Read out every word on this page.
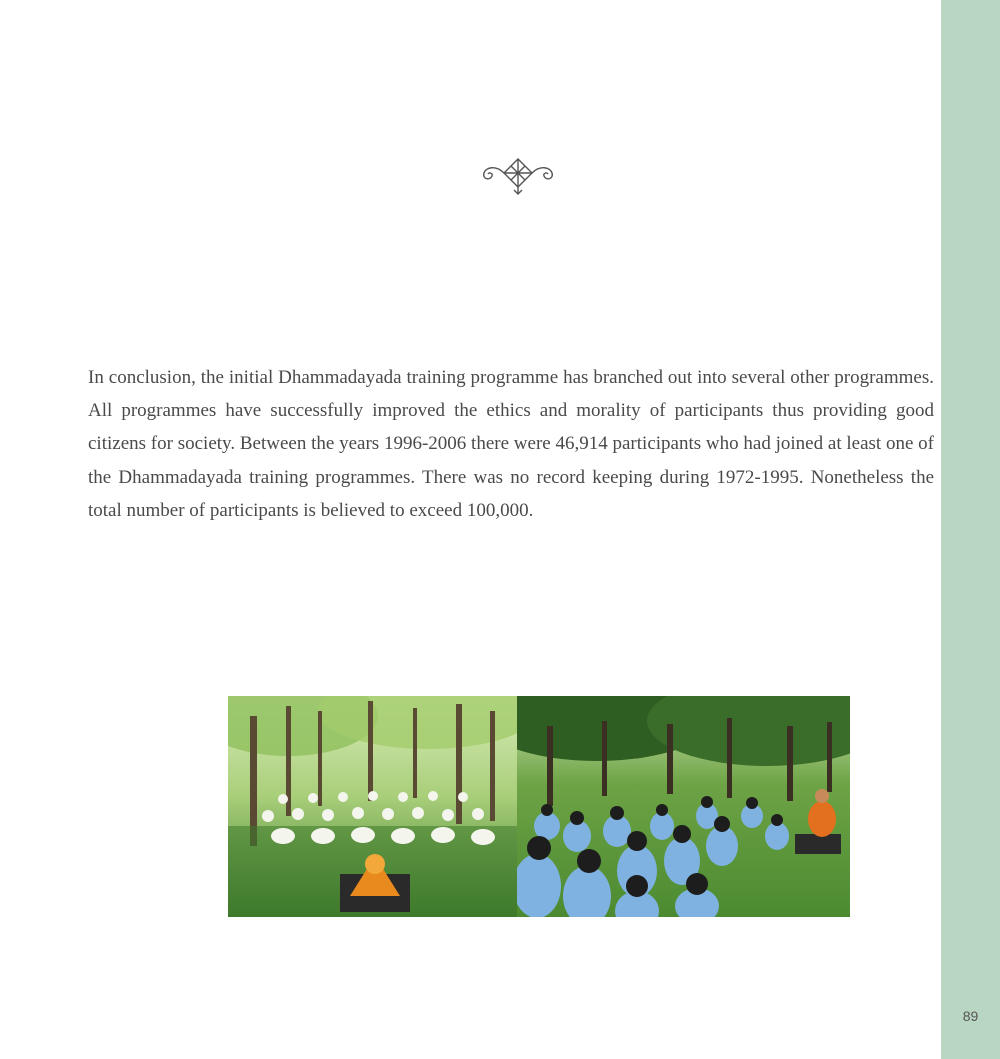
89

In conclusion, the initial Dhammadayada training programme has branched out into several other programmes. All programmes have successfully improved the ethics and morality of participants thus providing good citizens for society. Between the years 1996-2006 there were 46,914 participants who had joined at least one of the Dhammadayada training programmes. There was no record keeping during 1972-1995. Nonetheless the total number of participants is believed to exceed 100,000.
